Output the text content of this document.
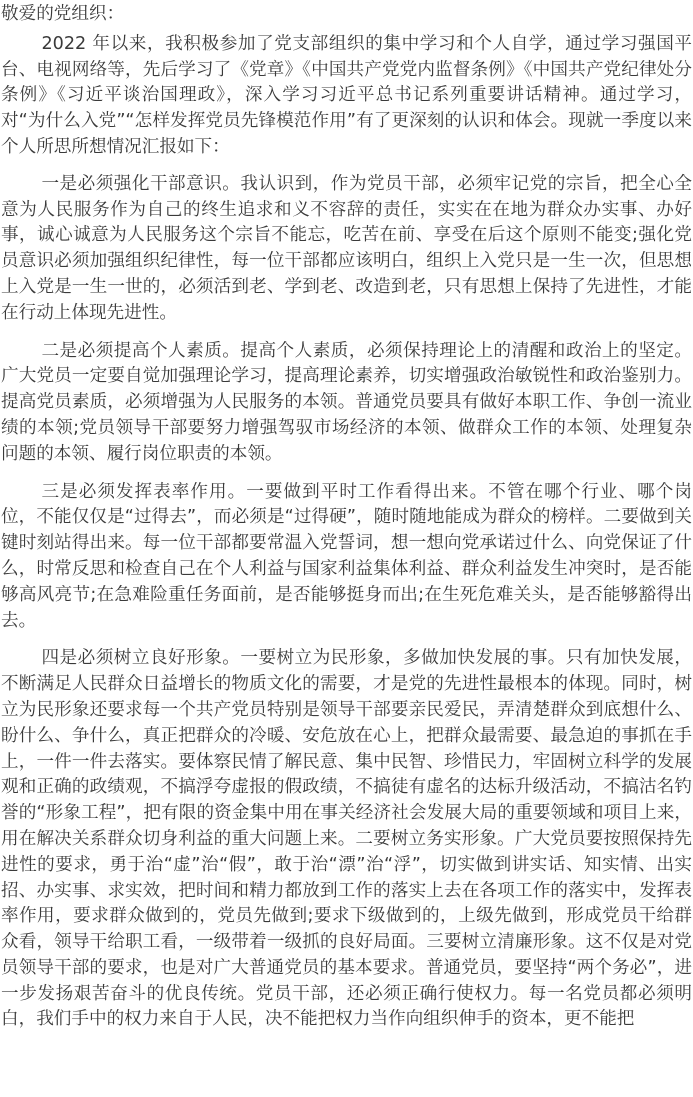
敬爱的党组织：

2022 年以来，我积极参加了党支部组织的集中学习和个人自学，通过学习强国平台、电视网络等，先后学习了《党章》《中国共产党党内监督条例》《中国共产党纪律处分条例》《习近平谈治国理政》，深入学习习近平总书记系列重要讲话精神。通过学习，对“为什么入党”“怎样发挥党员先锋模范作用”有了更深刻的认识和体会。现就一季度以来个人所思所想情况汇报如下：

一是必须强化干部意识。我认识到，作为党员干部，必须牢记党的宗旨，把全心全意为人民服务作为自己的终生追求和义不容辞的责任，实实在在地为群众办实事、办好事，诚心诚意为人民服务这个宗旨不能忘，吃苦在前、享受在后这个原则不能变;强化党员意识必须加强组织纪律性，每一位干部都应该明白，组织上入党只是一生一次，但思想上入党是一生一世的，必须活到老、学到老、改造到老，只有思想上保持了先进性，才能在行动上体现先进性。

二是必须提高个人素质。提高个人素质，必须保持理论上的清醒和政治上的坚定。广大党员一定要自觉加强理论学习，提高理论素养，切实增强政治敏锐性和政治鉴别力。提高党员素质，必须增强为人民服务的本领。普通党员要具有做好本职工作、争创一流业绩的本领;党员领导干部要努力增强驾驭市场经济的本领、做群众工作的本领、处理复杂问题的本领、履行岗位职责的本领。

三是必须发挥表率作用。一要做到平时工作看得出来。不管在哪个行业、哪个岗位，不能仅仅是“过得去”，而必须是“过得硬”，随时随地能成为群众的榜样。二要做到关键时刻站得出来。每一位干部都要常温入党誓词，想一想向党承诺过什么、向党保证了什么，时常反思和检查自己在个人利益与国家利益集体利益、群众利益发生冲突时，是否能够高风亮节;在急难险重任务面前，是否能够挺身而出;在生死危难关头，是否能够豁得出去。

四是必须树立良好形象。一要树立为民形象，多做加快发展的事。只有加快发展，不断满足人民群众日益增长的物质文化的需要，才是党的先进性最根本的体现。同时，树立为民形象还要求每一个共产党员特别是领导干部要亲民爱民，弄清楚群众到底想什么、盼什么、争什么，真正把群众的冷暖、安危放在心上，把群众最需要、最急迫的事抓在手上，一件一件去落实。要体察民情了解民意、集中民智、珍惜民力，牢固树立科学的发展观和正确的政绩观，不搞浮夸虚报的假政绩，不搞徒有虚名的达标升级活动，不搞沽名钓誉的“形象工程”，把有限的资金集中用在事关经济社会发展大局的重要领域和项目上来，用在解决关系群众切身利益的重大问题上来。二要树立务实形象。广大党员要按照保持先进性的要求，勇于治“虚”治“假”，敢于治“漂”治“浮”，切实做到讲实话、知实情、出实招、办实事、求实效，把时间和精力都放到工作的落实上去在各项工作的落实中，发挥表率作用，要求群众做到的，党员先做到;要求下级做到的，上级先做到，形成党员干给群众看，领导干给职工看，一级带着一级抓的良好局面。三要树立清廉形象。这不仅是对党员领导干部的要求，也是对广大普通党员的基本要求。普通党员，要坚持“两个务必”，进一步发扬艰苦奋斗的优良传统。党员干部，还必须正确行使权力。每一名党员都必须明白，我们手中的权力来自于人民，决不能把权力当作向组织伸手的资本，更不能把
